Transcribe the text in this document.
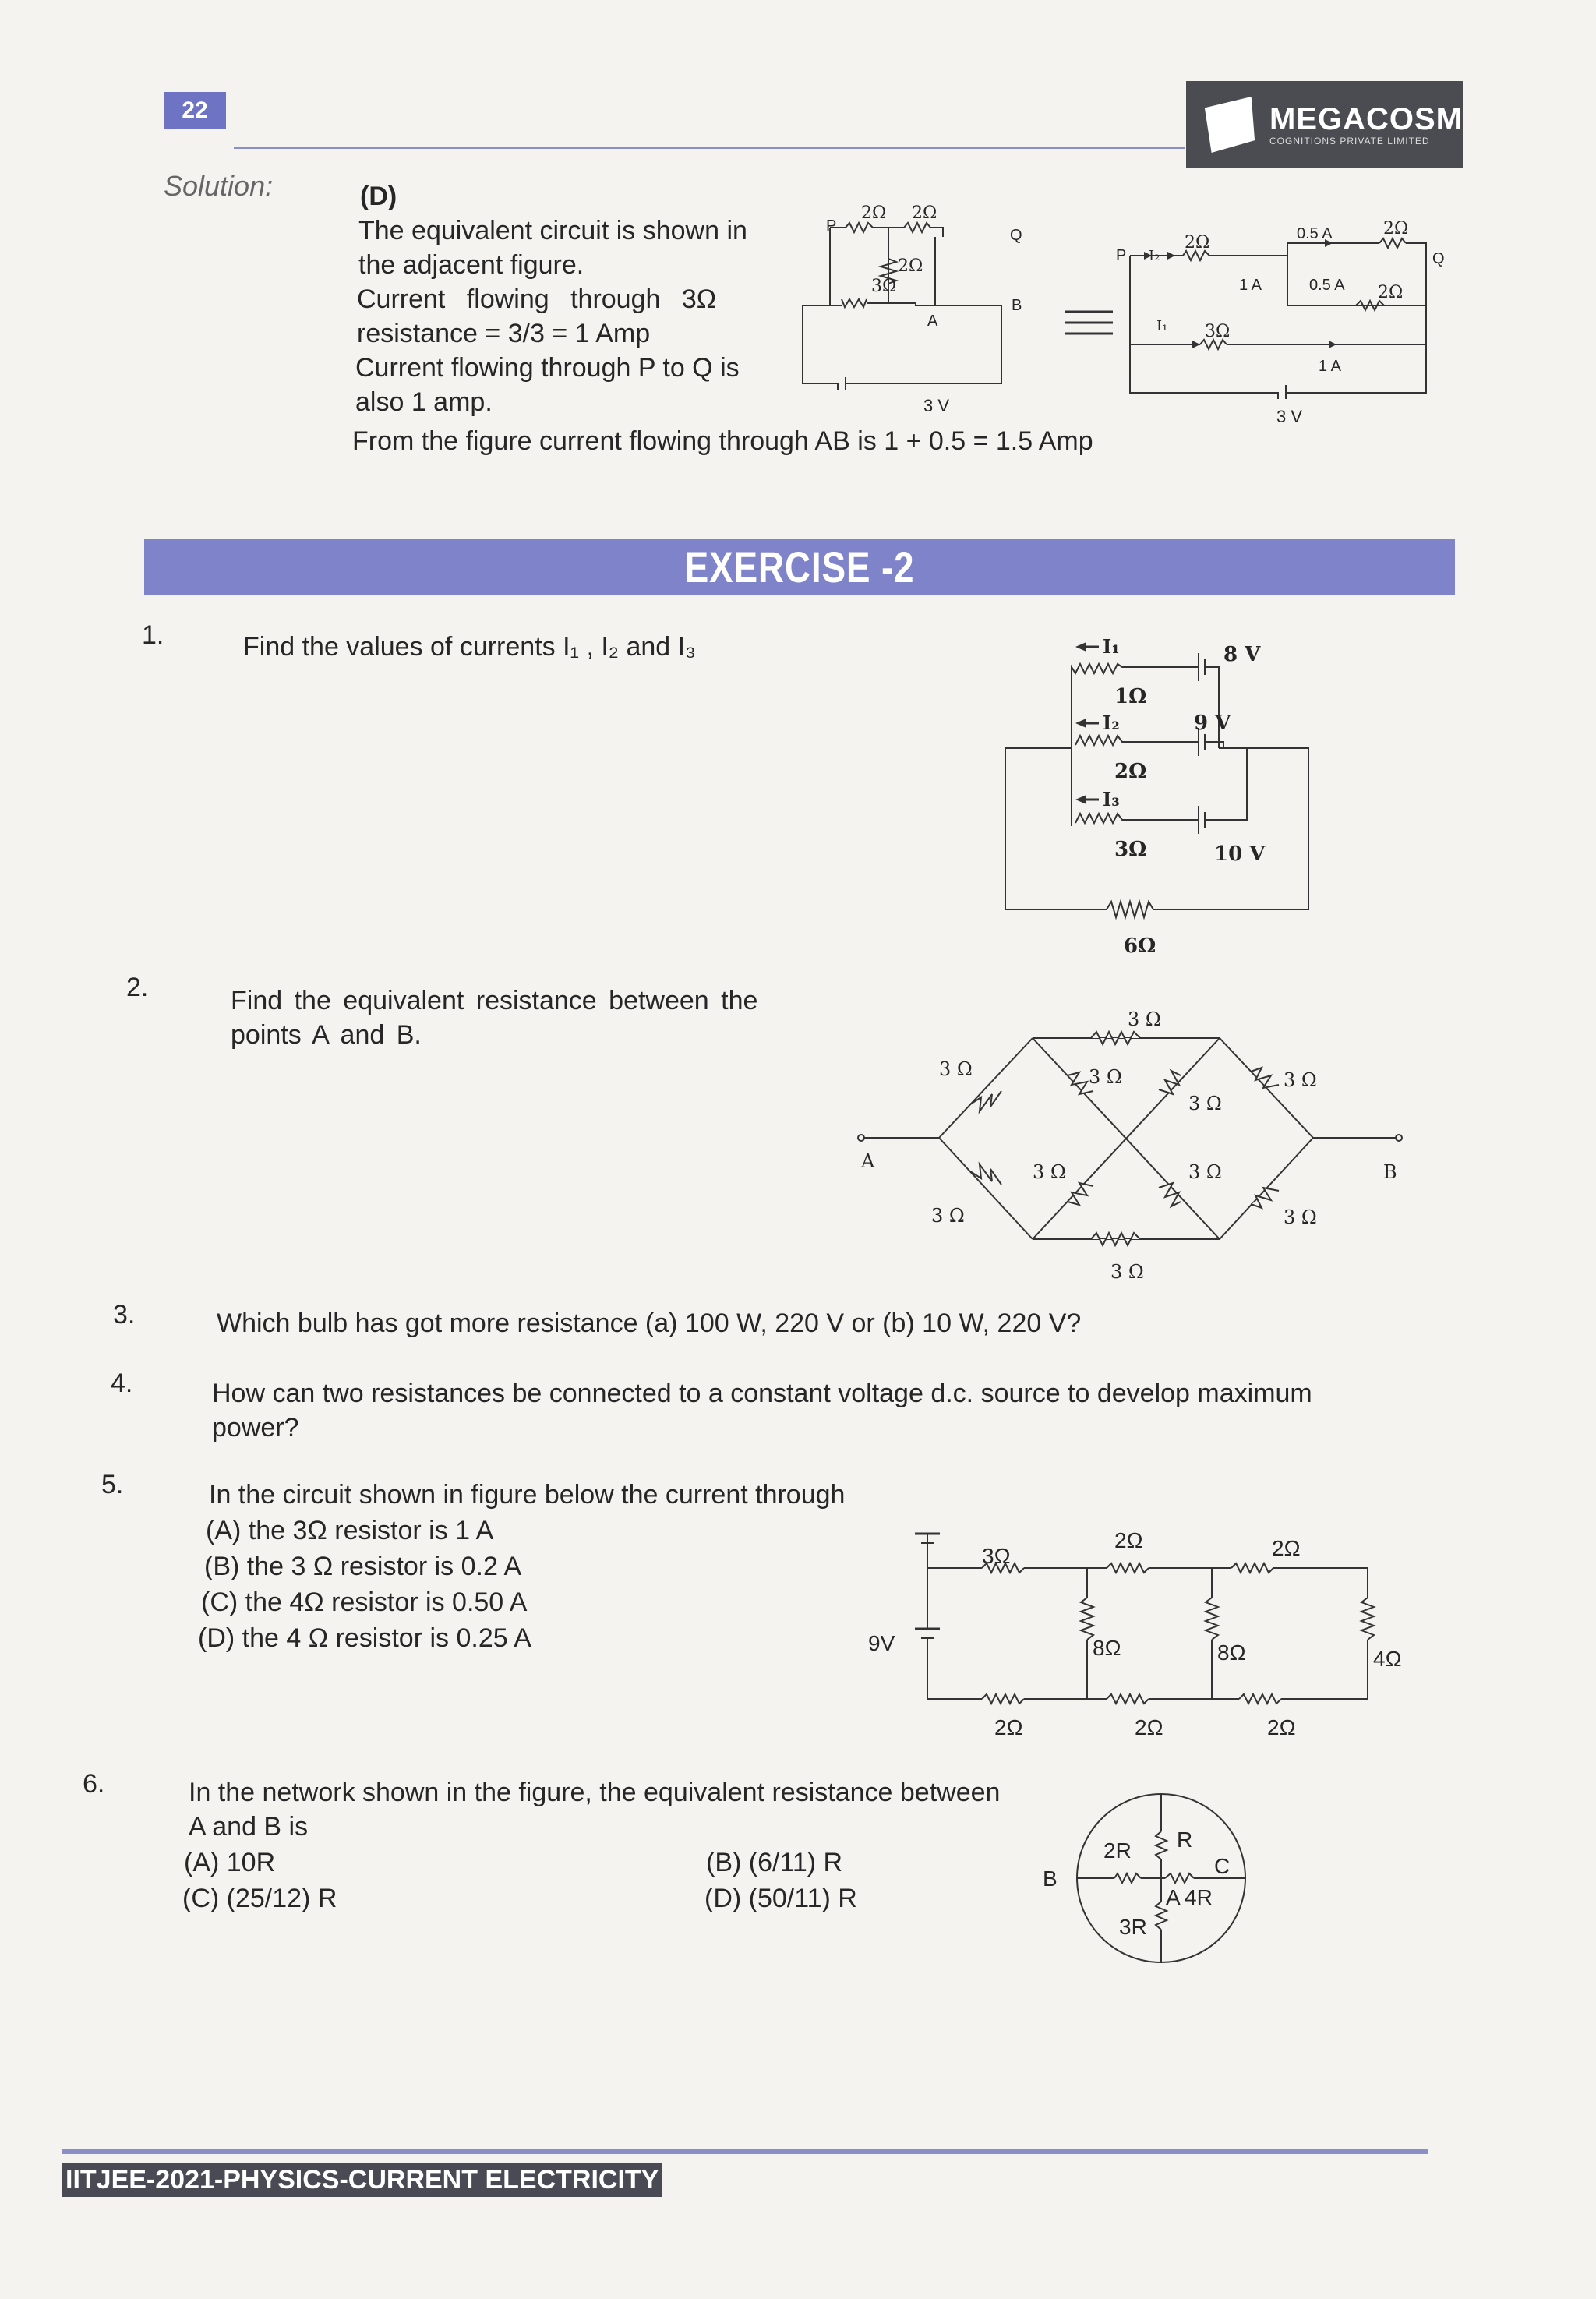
22	MEGACOSM
COGNITIONS PRIVATE LIMITED
Solution:	(D)
The equivalent circuit is shown in
the adjacent figure.
Current flowing through 3Ω
resistance = 3/3 = 1 Amp
Current flowing through P to Q is
also 1 amp.
From the figure current flowing through AB is 1 + 0.5 = 1.5 Amp
2Ω 2Ω
2Ω
3Ω
P
Q
A
B
3 V
P	Q
I₂
I₁
2Ω
3Ω
2Ω
2Ω
0.5 A
1 A	0.5 A
1 A
3 V
EXERCISE -2
1.	Find the values of currents I₁ , I₂ and I₃	I₁
I₂
I₃
1Ω
2Ω
3Ω
6Ω
8 V
9 V
10 V
2.	Find the equivalent resistance between the points A and B.
3 Ω
3 Ω	3 Ω
3 Ω
3 Ω
3 Ω
3 Ω	3 Ω
3 Ω
3 Ω
A	B
3.	Which bulb has got more resistance (a) 100 W, 220 V or (b) 10 W, 220 V?
4.	How can two resistances be connected to a constant voltage d.c. source to develop maximum power?
5.	In the circuit shown in figure below the current through
(A) the 3Ω resistor is 1 A
(B) the 3 Ω resistor is 0.2 A
(C) the 4Ω resistor is 0.50 A
(D) the 4 Ω resistor is 0.25 A	9V
3Ω
2Ω	2Ω
8Ω	8Ω	4Ω
2Ω	2Ω	2Ω
6.	In the network shown in the figure, the equivalent resistance between A and B is
(A) 10R	(B) (6/11) R
(C) (25/12) R	(D) (50/11) R
R
2R
3R
4R
A
B
C
IITJEE-2021-PHYSICS-CURRENT ELECTRICITY
